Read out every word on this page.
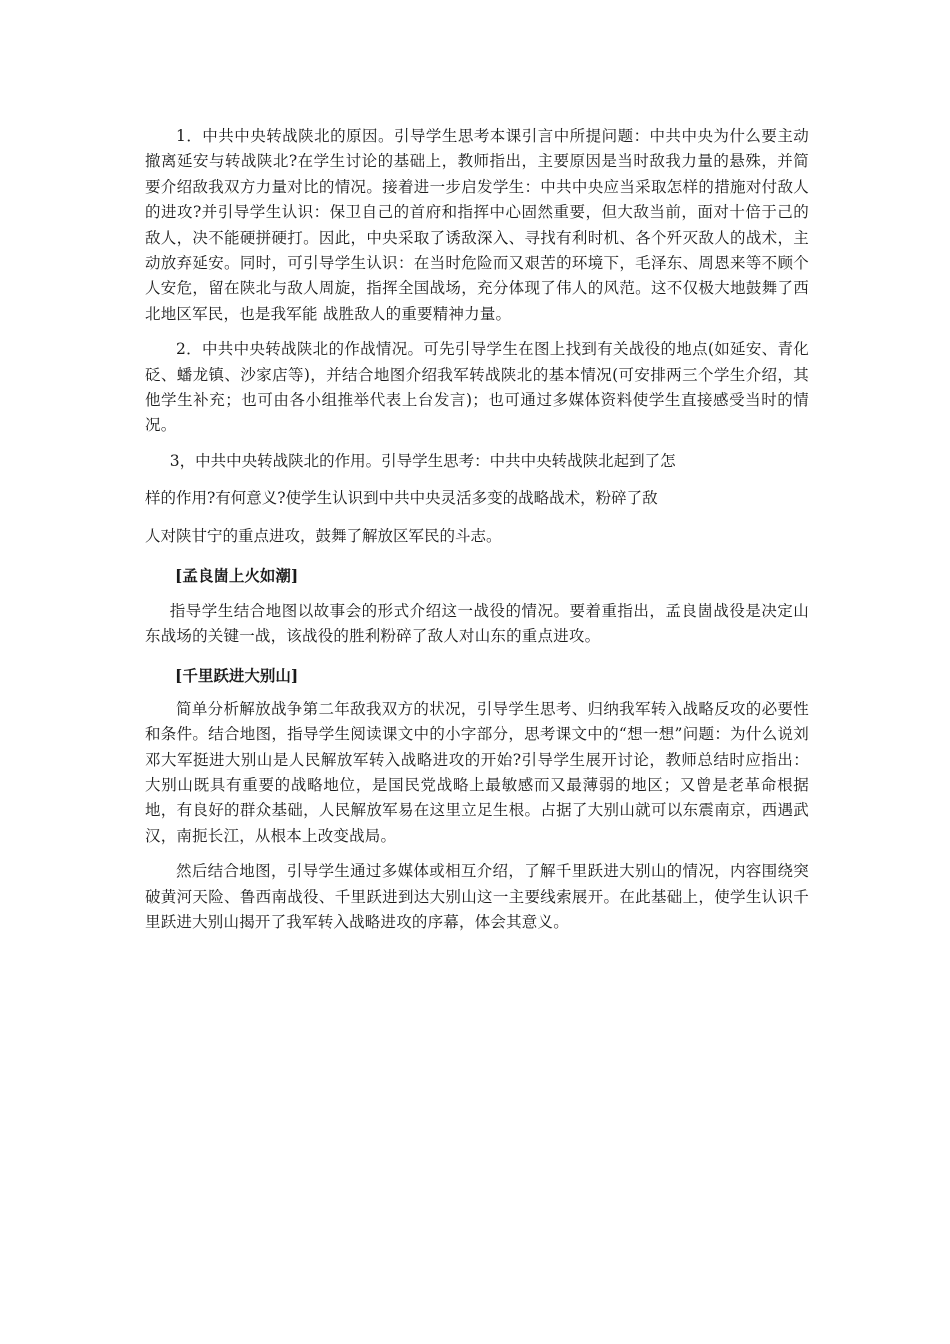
1．中共中央转战陕北的原因。引导学生思考本课引言中所提问题：中共中央为什么要主动撤离延安与转战陕北?在学生讨论的基础上，教师指出，主要原因是当时敌我力量的悬殊，并简要介绍敌我双方力量对比的情况。接着进一步启发学生：中共中央应当采取怎样的措施对付敌人的进攻?并引导学生认识：保卫自己的首府和指挥中心固然重要，但大敌当前，面对十倍于己的敌人，决不能硬拼硬打。因此，中央采取了诱敌深入、寻找有利时机、各个歼灭敌人的战术，主动放弃延安。同时，可引导学生认识：在当时危险而又艰苦的环境下，毛泽东、周恩来等不顾个人安危，留在陕北与敌人周旋，指挥全国战场，充分体现了伟人的风范。这不仅极大地鼓舞了西北地区军民，也是我军能 战胜敌人的重要精神力量。

2．中共中央转战陕北的作战情况。可先引导学生在图上找到有关战役的地点(如延安、青化砭、蟠龙镇、沙家店等)，并结合地图介绍我军转战陕北的基本情况(可安排两三个学生介绍，其他学生补充；也可由各小组推举代表上台发言)；也可通过多媒体资料使学生直接感受当时的情况。

3，中共中央转战陕北的作用。引导学生思考：中共中央转战陕北起到了怎

样的作用?有何意义?使学生认识到中共中央灵活多变的战略战术，粉碎了敌

人对陕甘宁的重点进攻，鼓舞了解放区军民的斗志。

[孟良崮上火如潮]

指导学生结合地图以故事会的形式介绍这一战役的情况。要着重指出，孟良崮战役是决定山东战场的关键一战，该战役的胜利粉碎了敌人对山东的重点进攻。

[千里跃进大别山]

简单分析解放战争第二年敌我双方的状况，引导学生思考、归纳我军转入战略反攻的必要性和条件。结合地图，指导学生阅读课文中的小字部分，思考课文中的“想一想”问题：为什么说刘邓大军挺进大别山是人民解放军转入战略进攻的开始?引导学生展开讨论，教师总结时应指出：大别山既具有重要的战略地位，是国民党战略上最敏感而又最薄弱的地区；又曾是老革命根据地，有良好的群众基础，人民解放军易在这里立足生根。占据了大别山就可以东震南京，西遇武汉，南扼长江，从根本上改变战局。

然后结合地图，引导学生通过多媒体或相互介绍，了解千里跃进大别山的情况，内容围绕突破黄河天险、鲁西南战役、千里跃进到达大别山这一主要线索展开。在此基础上，使学生认识千里跃进大别山揭开了我军转入战略进攻的序幕，体会其意义。
